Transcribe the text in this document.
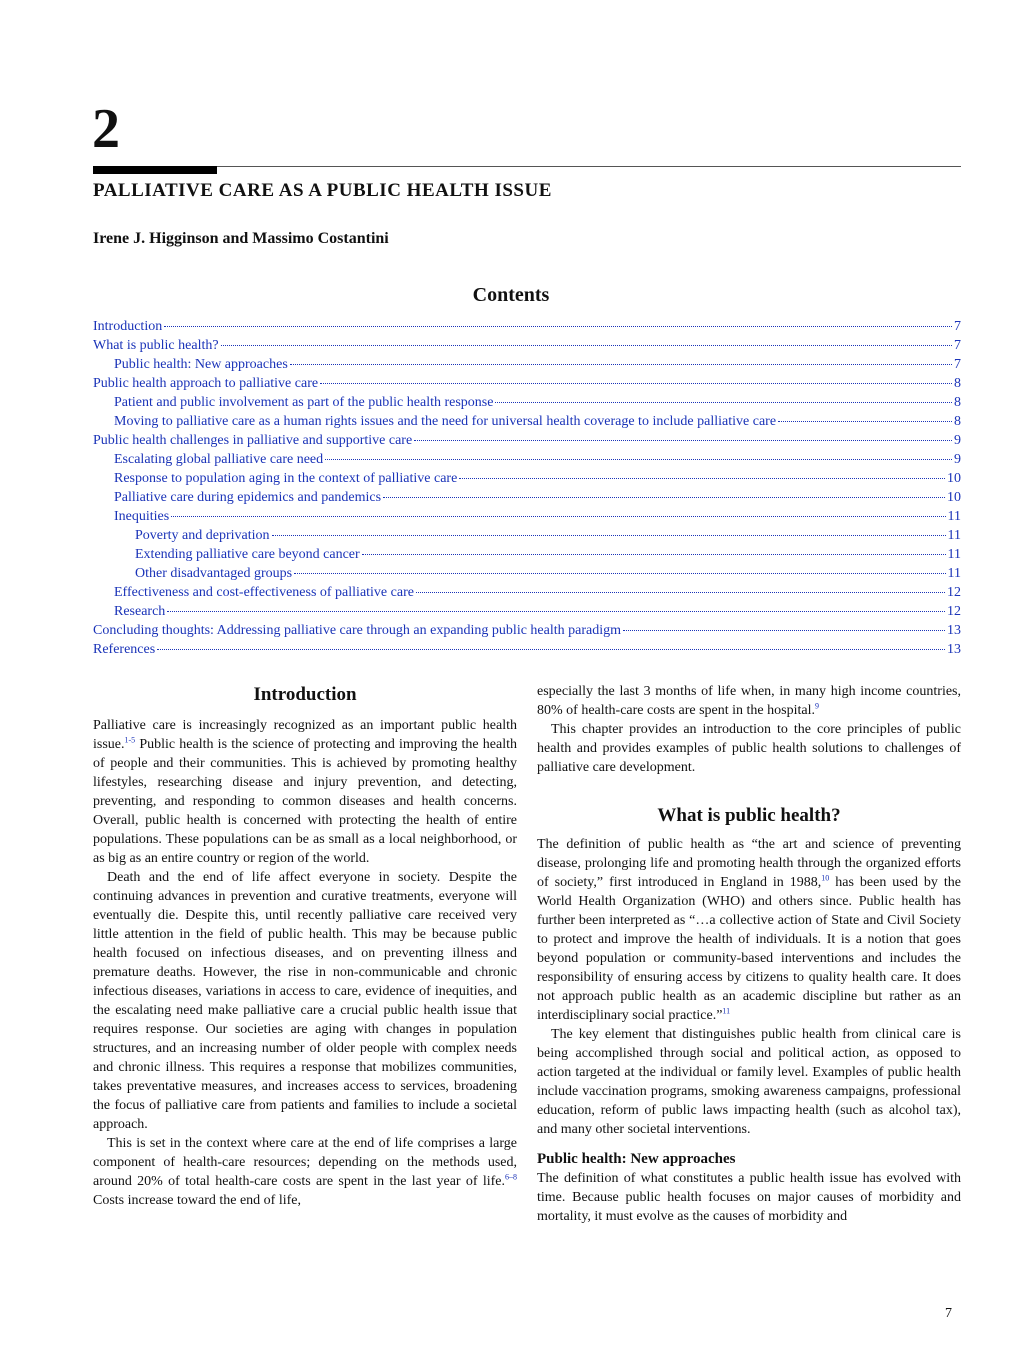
2
PALLIATIVE CARE AS A PUBLIC HEALTH ISSUE

Irene J. Higginson and Massimo Costantini

Contents
Introduction	7
What is public health?	7
Public health: New approaches	7
Public health approach to palliative care	8
Patient and public involvement as part of the public health response	8
Moving to palliative care as a human rights issues and the need for universal health coverage to include palliative care	8
Public health challenges in palliative and supportive care	9
Escalating global palliative care need	9
Response to population aging in the context of palliative care	10
Palliative care during epidemics and pandemics	10
Inequities	11
Poverty and deprivation	11
Extending palliative care beyond cancer	11
Other disadvantaged groups	11
Effectiveness and cost-effectiveness of palliative care	12
Research	12
Concluding thoughts: Addressing palliative care through an expanding public health paradigm	13
References	13
Introduction

Palliative care is increasingly recognized as an important public health issue.$^{1-5}$ Public health is the science of protecting and improving the health of people and their communities. This is achieved by promoting healthy lifestyles, researching disease and injury prevention, and detecting, preventing, and responding to common diseases and health concerns. Overall, public health is concerned with protecting the health of entire populations. These populations can be as small as a local neighborhood, or as big as an entire country or region of the world.

Death and the end of life affect everyone in society. Despite the continuing advances in prevention and curative treatments, everyone will eventually die. Despite this, until recently palliative care received very little attention in the field of public health. This may be because public health focused on infectious diseases, and on preventing illness and premature deaths. However, the rise in non-communicable and chronic infectious diseases, variations in access to care, evidence of inequities, and the escalating need make palliative care a crucial public health issue that requires response. Our societies are aging with changes in population structures, and an increasing number of older people with complex needs and chronic illness. This requires a response that mobilizes communities, takes preventative measures, and increases access to services, broadening the focus of palliative care from patients and families to include a societal approach.

This is set in the context where care at the end of life comprises a large component of health-care resources; depending on the methods used, around 20% of total health-care costs are spent in the last year of life.$^{6-8}$ Costs increase toward the end of life,

especially the last 3 months of life when, in many high income countries, 80% of health-care costs are spent in the hospital.$^9$

This chapter provides an introduction to the core principles of public health and provides examples of public health solutions to challenges of palliative care development.

What is public health?

The definition of public health as “the art and science of preventing disease, prolonging life and promoting health through the organized efforts of society,” first introduced in England in 1988,10 has been used by the World Health Organization (WHO) and others since. Public health has further been interpreted as “…a collective action of State and Civil Society to protect and improve the health of individuals. It is a notion that goes beyond population or community-based interventions and includes the responsibility of ensuring access by citizens to quality health care. It does not approach public health as an academic discipline but rather as an interdisciplinary social practice.”$^{11}$

The key element that distinguishes public health from clinical care is being accomplished through social and political action, as opposed to action targeted at the individual or family level. Examples of public health include vaccination programs, smoking awareness campaigns, professional education, reform of public laws impacting health (such as alcohol tax), and many other societal interventions.

Public health: New approaches

The definition of what constitutes a public health issue has evolved with time. Because public health focuses on major causes of morbidity and mortality, it must evolve as the causes of morbidity and

7
